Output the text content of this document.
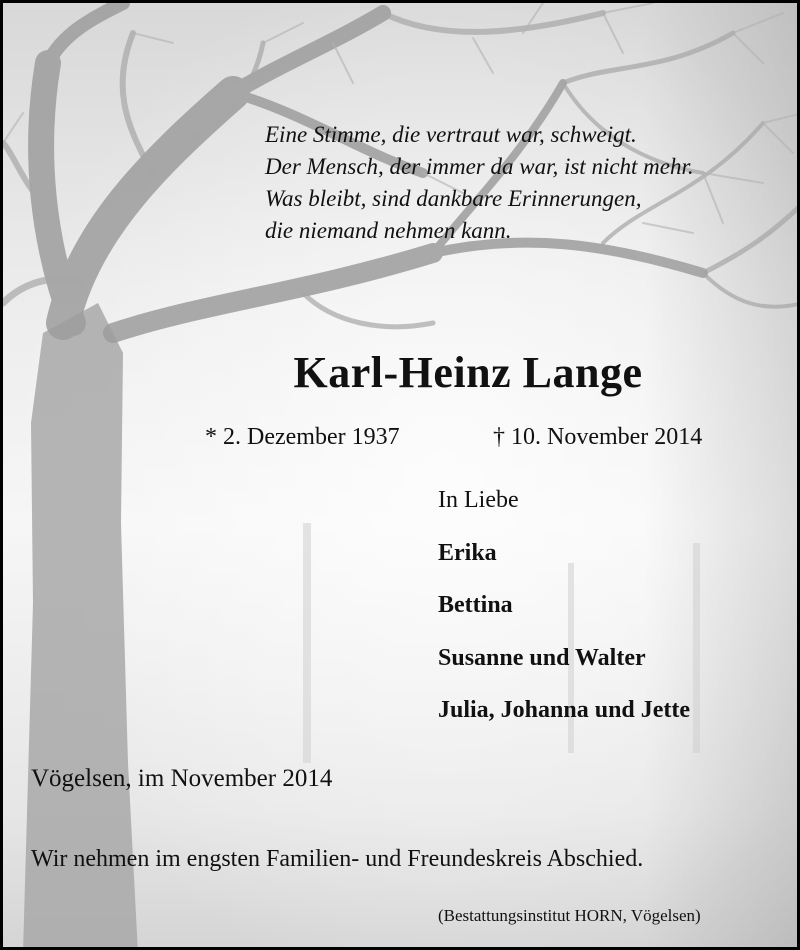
Eine Stimme, die vertraut war, schweigt.
Der Mensch, der immer da war, ist nicht mehr.
Was bleibt, sind dankbare Erinnerungen,
die niemand nehmen kann.
Karl-Heinz Lange
* 2. Dezember 1937	† 10. November 2014
In Liebe
Erika
Bettina
Susanne und Walter
Julia, Johanna und Jette
Vögelsen, im November 2014
Wir nehmen im engsten Familien- und Freundeskreis Abschied.
(Bestattungsinstitut HORN, Vögelsen)
